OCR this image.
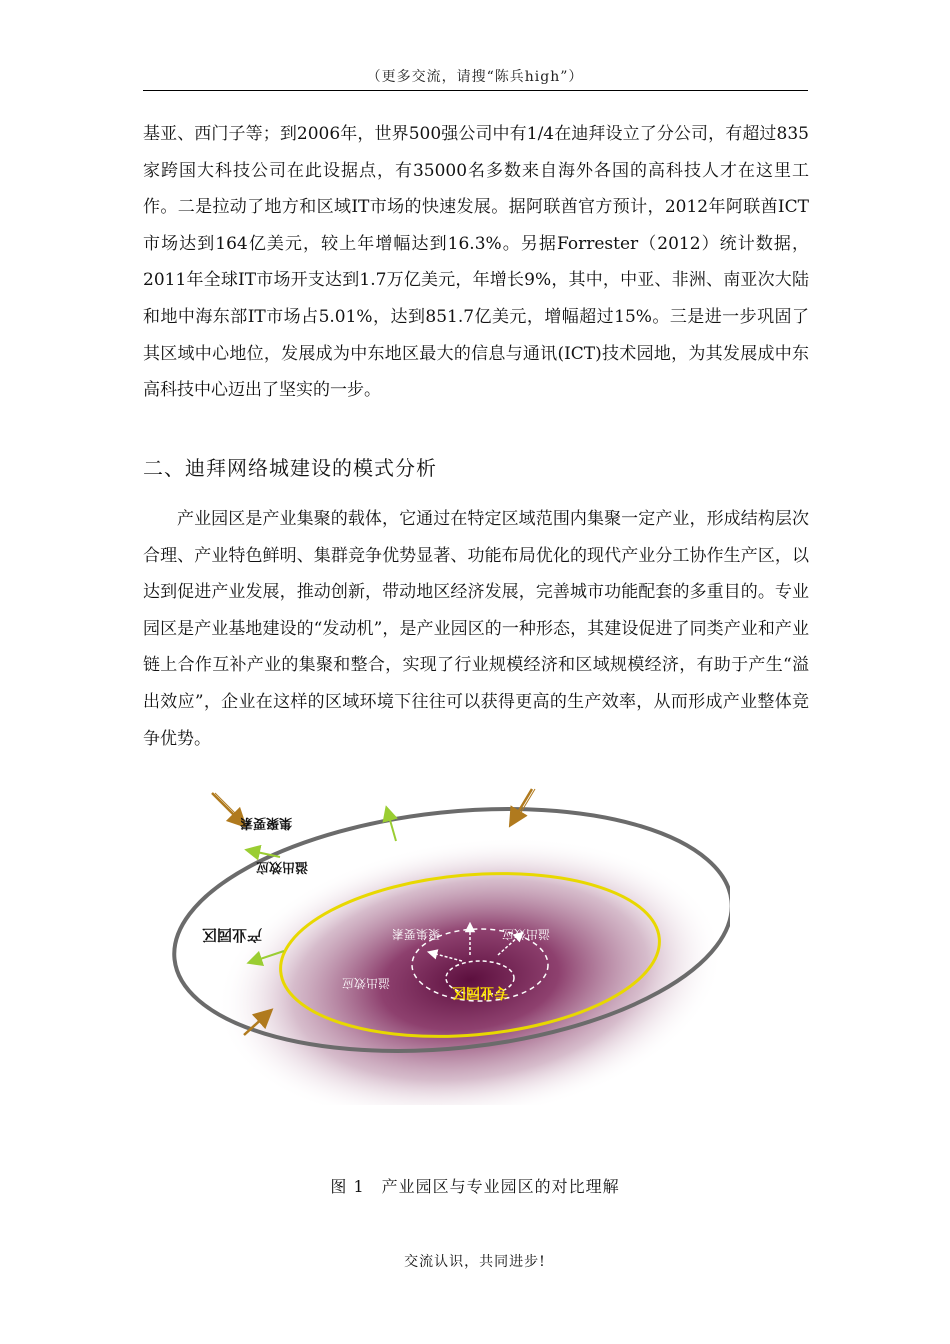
（更多交流，请搜“陈兵high”）

基亚、西门子等；到2006年，世界500强公司中有1/4在迪拜设立了分公司，有超过835家跨国大科技公司在此设据点，有35000名多数来自海外各国的高科技人才在这里工作。二是拉动了地方和区域IT市场的快速发展。据阿联酋官方预计，2012年阿联酋ICT市场达到164亿美元，较上年增幅达到16.3%。另据Forrester（2012）统计数据，2011年全球IT市场开支达到1.7万亿美元，年增长9%，其中，中亚、非洲、南亚次大陆和地中海东部IT市场占5.01%，达到851.7亿美元，增幅超过15%。三是进一步巩固了其区域中心地位，发展成为中东地区最大的信息与通讯(ICT)技术园地，为其发展成中东高科技中心迈出了坚实的一步。

二、迪拜网络城建设的模式分析

产业园区是产业集聚的载体，它通过在特定区域范围内集聚一定产业，形成结构层次合理、产业特色鲜明、集群竞争优势显著、功能布局优化的现代产业分工协作生产区，以达到促进产业发展，推动创新，带动地区经济发展，完善城市功能配套的多重目的。专业园区是产业基地建设的“发动机”，是产业园区的一种形态，其建设促进了同类产业和产业链上合作互补产业的集聚和整合，实现了行业规模经济和区域规模经济，有助于产生“溢出效应”，企业在这样的区域环境下往往可以获得更高的生产效率，从而形成产业整体竞争优势。

集聚要素
溢出效应
产业园区	聚集要素	溢出效应
溢出效应
专业园区
图 1　产业园区与专业园区的对比理解
交流认识，共同进步!
